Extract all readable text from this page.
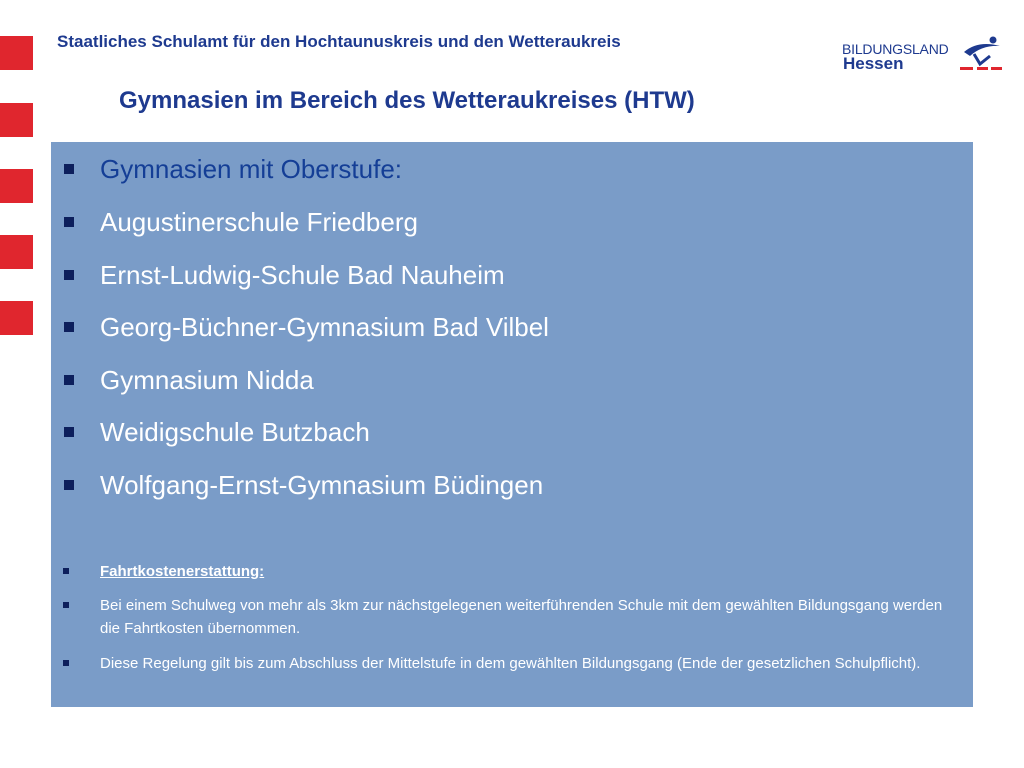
Staatliches Schulamt für den Hochtaunuskreis und den Wetteraukreis	BILDUNGSLAND
Hessen
Gymnasien im Bereich des Wetteraukreises (HTW)
Gymnasien mit Oberstufe:
Augustinerschule Friedberg
Ernst-Ludwig-Schule Bad Nauheim
Georg-Büchner-Gymnasium Bad Vilbel
Gymnasium Nidda
Weidigschule Butzbach
Wolfgang-Ernst-Gymnasium Büdingen
Fahrtkostenerstattung:
Bei einem Schulweg von mehr als 3km zur nächstgelegenen weiterführenden Schule mit dem gewählten Bildungsgang werden die Fahrtkosten übernommen.
Diese Regelung gilt bis zum Abschluss der Mittelstufe in dem gewählten Bildungsgang (Ende der gesetzlichen Schulpflicht).
